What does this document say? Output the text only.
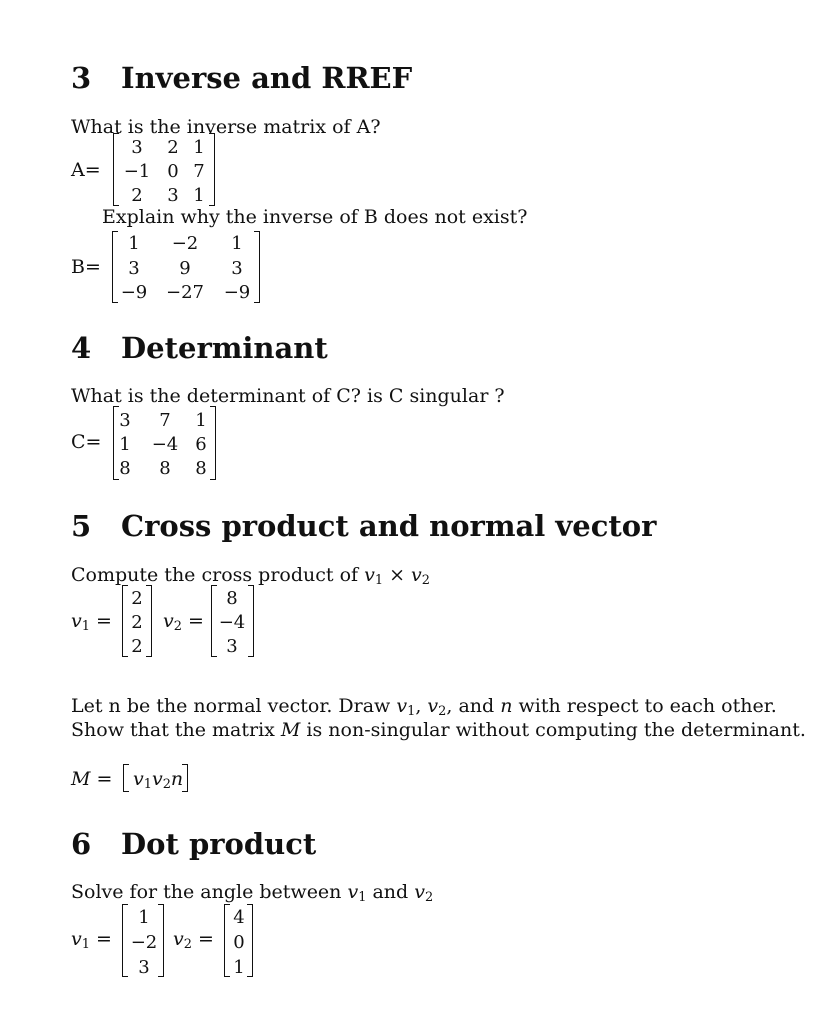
3 Inverse and RREF
What is the inverse matrix of A?
A=
3	2 1
−1 0 7
2	3 1
Explain why the inverse of B does not exist?
B=
1	−2	1
3	9	3
−9	−27	−9
4 Determinant
What is the determinant of C? is C singular ?
C=
3	7	1
1	−4 6
8	8	8
5 Cross product and normal vector
Compute the cross product of $v_1 \times v_2$
$v_1$ =
2
2
2
$v_2$ =
8
−4
3
Let n be the normal vector. Draw $v_1$, $v_2$, and n with respect to each other.
Show that the matrix M is non-singular without computing the determinant.
$M = v_1v_2n$
6 Dot product
Solve for the angle between $v_1$ and $v_2$
$v_1$ =
1
−2
3
$v_2$ =
4
0
1
